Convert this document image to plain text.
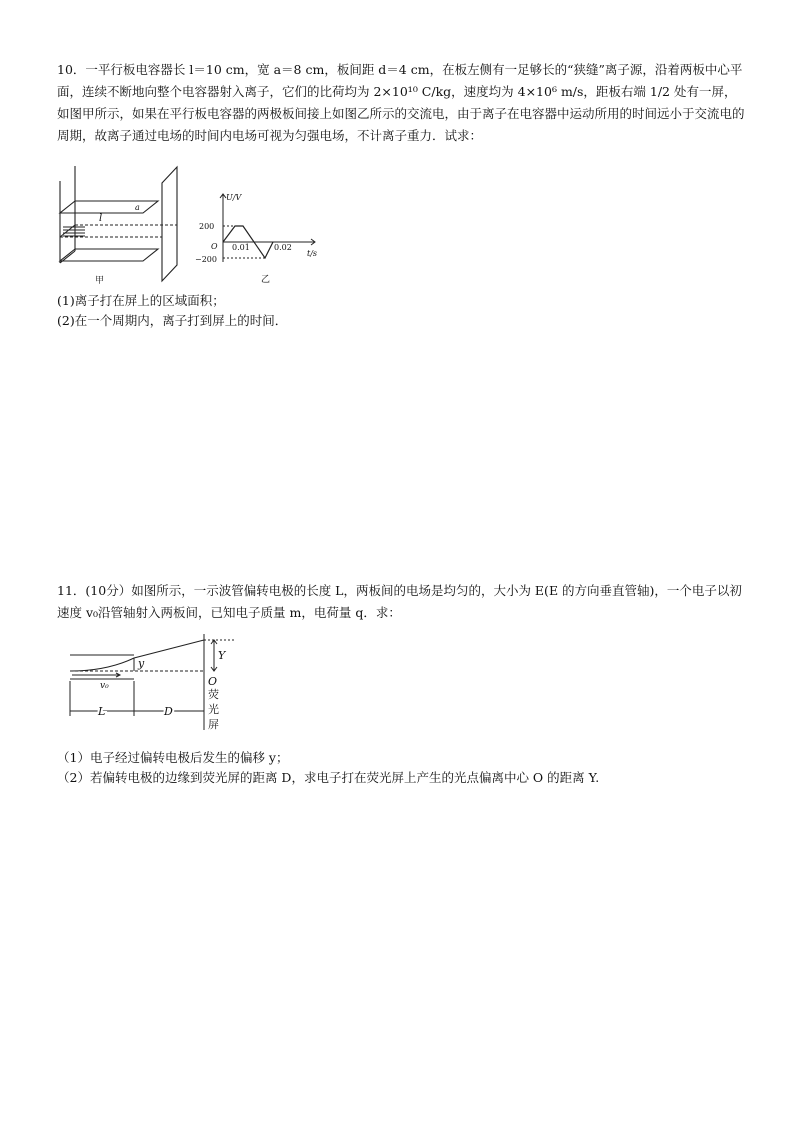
10．一平行板电容器长 l＝10 cm，宽 a＝8 cm，板间距 d＝4 cm，在板左侧有一足够长的“狭缝”离子源，沿着两板中心平面，连续不断地向整个电容器射入离子，它们的比荷均为 2×10¹⁰ C/kg，速度均为 4×10⁶ m/s，距板右端 1/2 处有一屏，如图甲所示，如果在平行板电容器的两极板间接上如图乙所示的交流电，由于离子在电容器中运动所用的时间远小于交流电的周期，故离子通过电场的时间内电场可视为匀强电场，不计离子重力．试求：

l
a
甲
U/V
200
O 0.01	0.02
t/s
−200
乙

(1)离子打在屏上的区域面积；

(2)在一个周期内，离子打到屏上的时间．

11．(10分）如图所示，一示波管偏转电极的长度 L，两板间的电场是均匀的，大小为 E(E 的方向垂直管轴)，一个电子以初速度 v₀沿管轴射入两板间，已知电子质量 m，电荷量 q．求：

y
Y
O
v₀
L	D
荧
光
屏

（1）电子经过偏转电极后发生的偏移 y；

（2）若偏转电极的边缘到荧光屏的距离 D，求电子打在荧光屏上产生的光点偏离中心 O 的距离 Y.
